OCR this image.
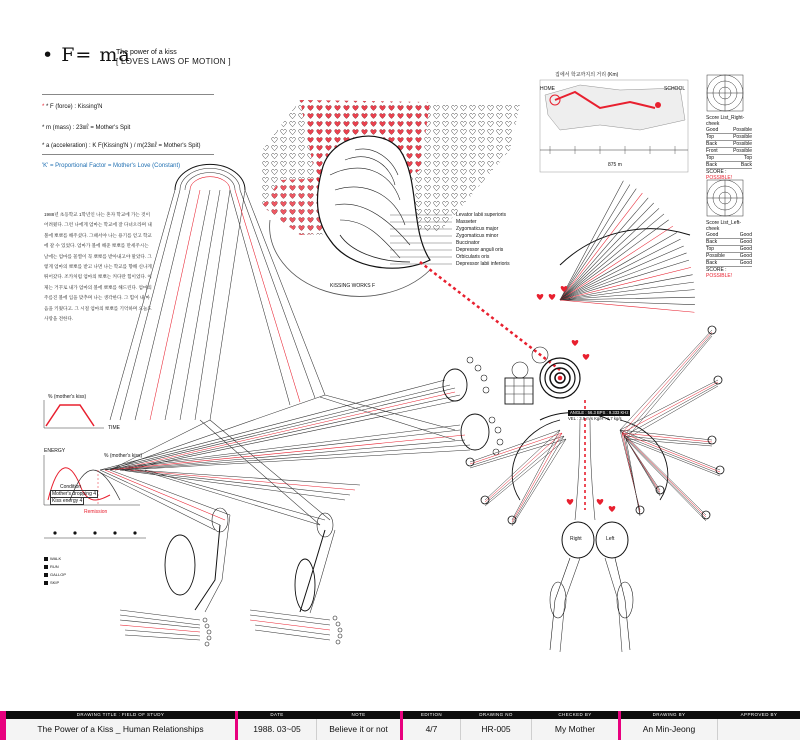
• F= ma
The power of a kiss
[ LOVES LAWS OF MOTION ]
* * F (force) : Kissing'N
* m (mass) : 23㎖ = Mother's Spit
* a (acceleration) : K F(Kissing'N ) / m(23㎖ = Mother's Spit)
'K' = Proportional Factor = Mother's Love (Constant)
1988년 초등학교 1학년인 나는 혼자 학교에 가는 것이 어려웠다. 그런 나에게 엄마는 학교에 잘 다녀오라며 내 볼에 뽀뽀를 해주셨다. 그때서야 나는 용기를 얻고 학교에 갈 수 있었다. 엄마가 볼에 해준 뽀뽀를 만세주시는 날에는 엄마를 꼴찔이 꼭 뽀뽀를 받아내고야 말았다. 그렇게 엄마의 뽀뽀를 받고 나면 나는 학교를 향해 신나게 뛰어갔다. 조카처럼 엄마의 뽀뽀는 커다란 힘이었다. 이제는 거꾸로 내가 엄마의 볼에 뽀뽀를 해드린다. 엄마의 주름진 볼에 입을 맞추며 나는 생각한다. 그 힘이 내 마음을 키웠다고. 그 시절 엄마의 뽀뽀를 기억하며 오늘도 사랑을 전한다.
KISSING WORKS F
Levator labii superioris
Masseter
Zygomaticus major
Zygomaticus minor
Buccinator
Depressor anguli oris
Orbicularis oris
Depressor labii inferioris
집에서 학교까지의 거리 (Km)
HOME	SCHOOL
875 m
Score List_Right-cheek
Good	Possible
Top	Possible
Back	Possible
Front	Possible
Top	Top
Back	Back
SCORE : POSSIBLE!
Score List_Left-cheek
Good	Good
Back	Good
Top	Good
Possible	Good
Back	Good
SCORE : POSSIBLE!
ANGLE : 56.3 BPS : 9.333 KHz
VEL : 3.9 m/s Kg/H : 1.7 kg/s
Right	Left
% (mother's kiss)
TIME
ENERGY
% (mother's kiss)
Condition
Mother's dropping 4
Kiss energy 4
Remission
WALK
RUN
GALLOP
SKIP
DRAWING TITLE : FIELD OF STUDY
The Power of a Kiss _ Human Relationships
DATE
1988. 03~05
NOTE
Believe it or not
EDITION
4/7
DRAWING NO
HR-005
CHECKED BY
My Mother
DRAWING BY
An Min-Jeong
APPROVED BY
